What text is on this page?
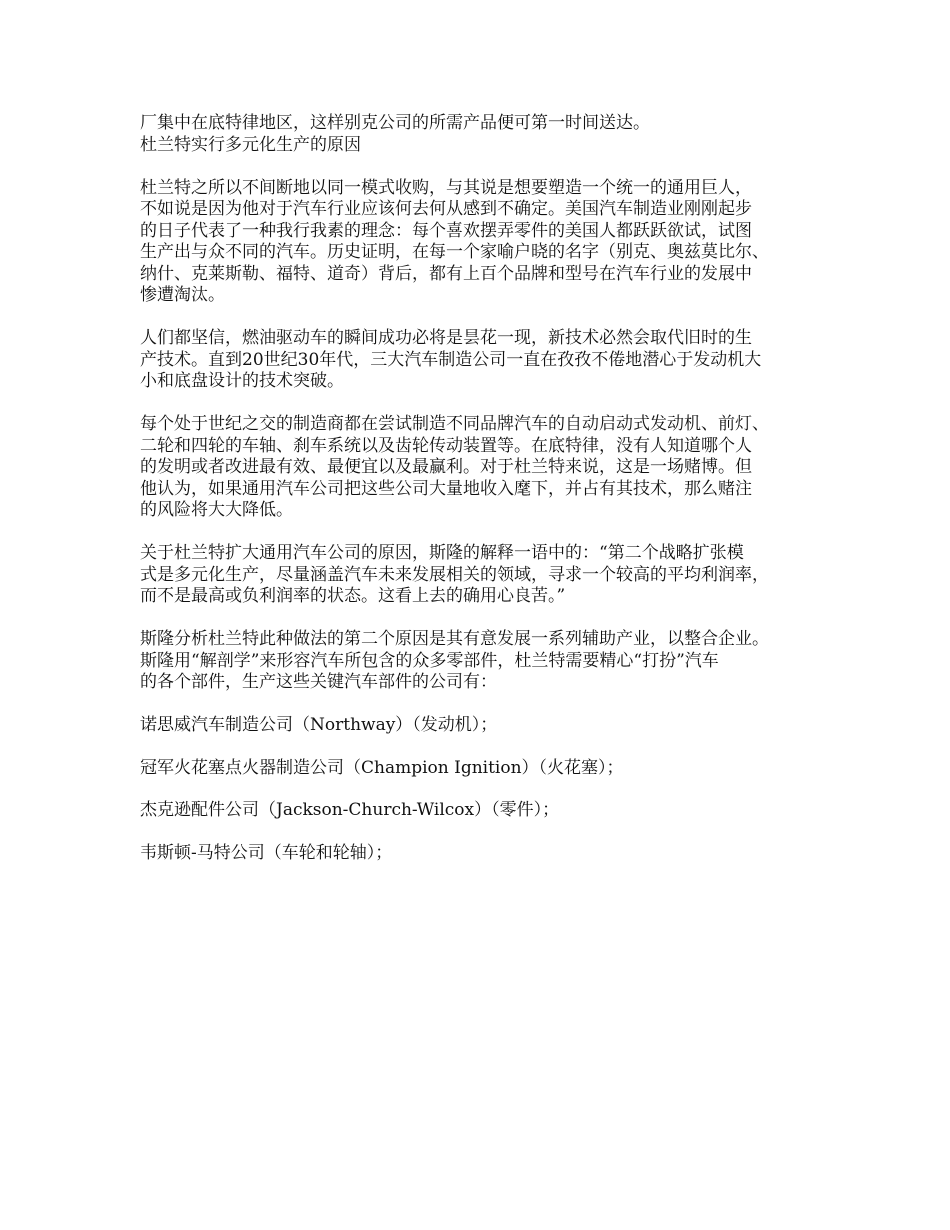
厂集中在底特律地区，这样别克公司的所需产品便可第一时间送达。
杜兰特实行多元化生产的原因
杜兰特之所以不间断地以同一模式收购，与其说是想要塑造一个统一的通用巨人，
不如说是因为他对于汽车行业应该何去何从感到不确定。美国汽车制造业刚刚起步
的日子代表了一种我行我素的理念：每个喜欢摆弄零件的美国人都跃跃欲试，试图
生产出与众不同的汽车。历史证明，在每一个家喻户晓的名字（别克、奥兹莫比尔、
纳什、克莱斯勒、福特、道奇）背后，都有上百个品牌和型号在汽车行业的发展中
惨遭淘汰。
人们都坚信，燃油驱动车的瞬间成功必将是昙花一现，新技术必然会取代旧时的生
产技术。直到20世纪30年代，三大汽车制造公司一直在孜孜不倦地潜心于发动机大
小和底盘设计的技术突破。
每个处于世纪之交的制造商都在尝试制造不同品牌汽车的自动启动式发动机、前灯、
二轮和四轮的车轴、刹车系统以及齿轮传动装置等。在底特律，没有人知道哪个人
的发明或者改进最有效、最便宜以及最赢利。对于杜兰特来说，这是一场赌博。但
他认为，如果通用汽车公司把这些公司大量地收入麾下，并占有其技术，那么赌注
的风险将大大降低。
关于杜兰特扩大通用汽车公司的原因，斯隆的解释一语中的：“第二个战略扩张模
式是多元化生产，尽量涵盖汽车未来发展相关的领域，寻求一个较高的平均利润率，
而不是最高或负利润率的状态。这看上去的确用心良苦。”
斯隆分析杜兰特此种做法的第二个原因是其有意发展一系列辅助产业，以整合企业。
斯隆用“解剖学”来形容汽车所包含的众多零部件，杜兰特需要精心“打扮”汽车
的各个部件，生产这些关键汽车部件的公司有：
诺思威汽车制造公司（Northway）（发动机）；
冠军火花塞点火器制造公司（Champion Ignition）（火花塞）；
杰克逊配件公司（Jackson-Church-Wilcox）（零件）；
韦斯顿-马特公司（车轮和轮轴）；
